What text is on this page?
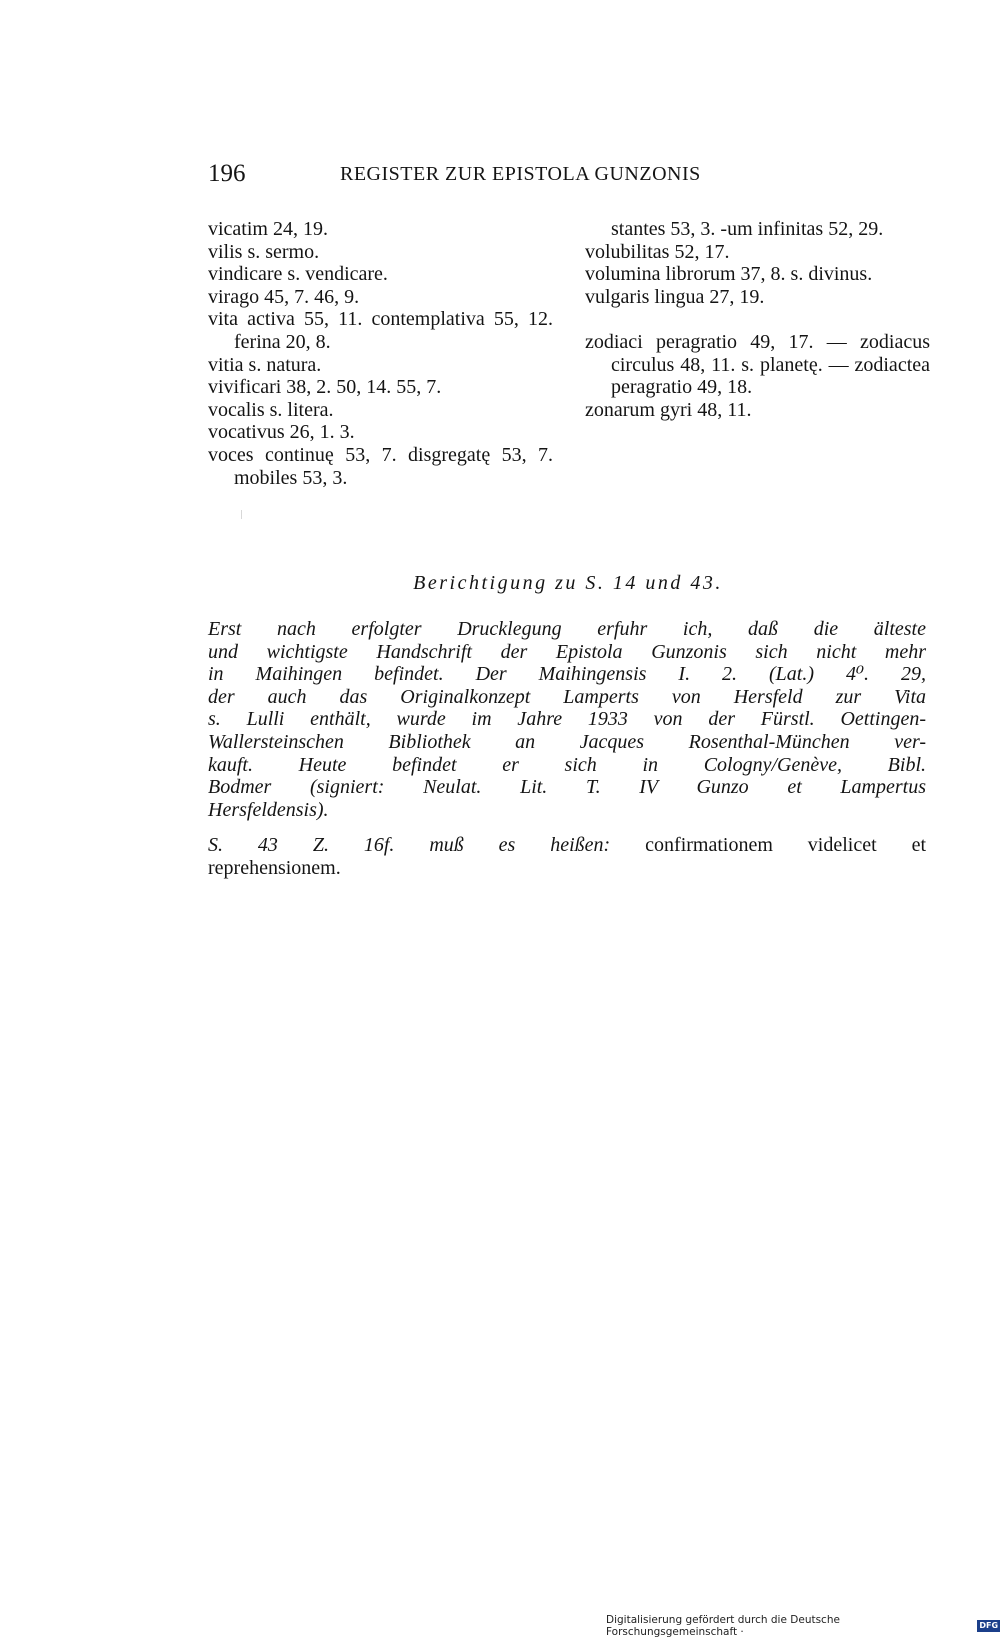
196	REGISTER ZUR EPISTOLA GUNZONIS

vicatim 24, 19.

vilis s. sermo.

vindicare s. vendicare.

virago 45, 7. 46, 9.

vita activa 55, 11. contemplativa 55, 12. ferina 20, 8.

vitia s. natura.

vivificari 38, 2. 50, 14. 55, 7.

vocalis s. litera.

vocativus 26, 1. 3.

voces continuę 53, 7. disgregatę 53, 7. mobiles 53, 3.

stantes 53, 3. -um infinitas 52, 29.

volubilitas 52, 17.

volumina librorum 37, 8. s. divinus.

vulgaris lingua 27, 19.

zodiaci peragratio 49, 17. — zodiacus circulus 48, 11. s. planetę. — zodiactea peragratio 49, 18.

zonarum gyri 48, 11.

Berichtigung zu S. 14 und 43.
Erst nach erfolgter Drucklegung erfuhr ich, daß die älteste
und wichtigste Handschrift der Epistola Gunzonis sich nicht mehr
in Maihingen befindet. Der Maihingensis I. 2. (Lat.) 4⁰. 29,
der auch das Originalkonzept Lamperts von Hersfeld zur Vita
s. Lulli enthält, wurde im Jahre 1933 von der Fürstl. Oettingen-
Wallersteinschen Bibliothek an Jacques Rosenthal-München ver-
kauft. Heute befindet er sich in Cologny/Genève, Bibl.
Bodmer (signiert: Neulat. Lit. T. IV Gunzo et Lampertus
Hersfeldensis).
S. 43 Z. 16f. muß es heißen: confirmationem videlicet et
reprehensionem.
Digitalisierung gefördert durch die Deutsche Forschungsgemeinschaft ·
DFG
